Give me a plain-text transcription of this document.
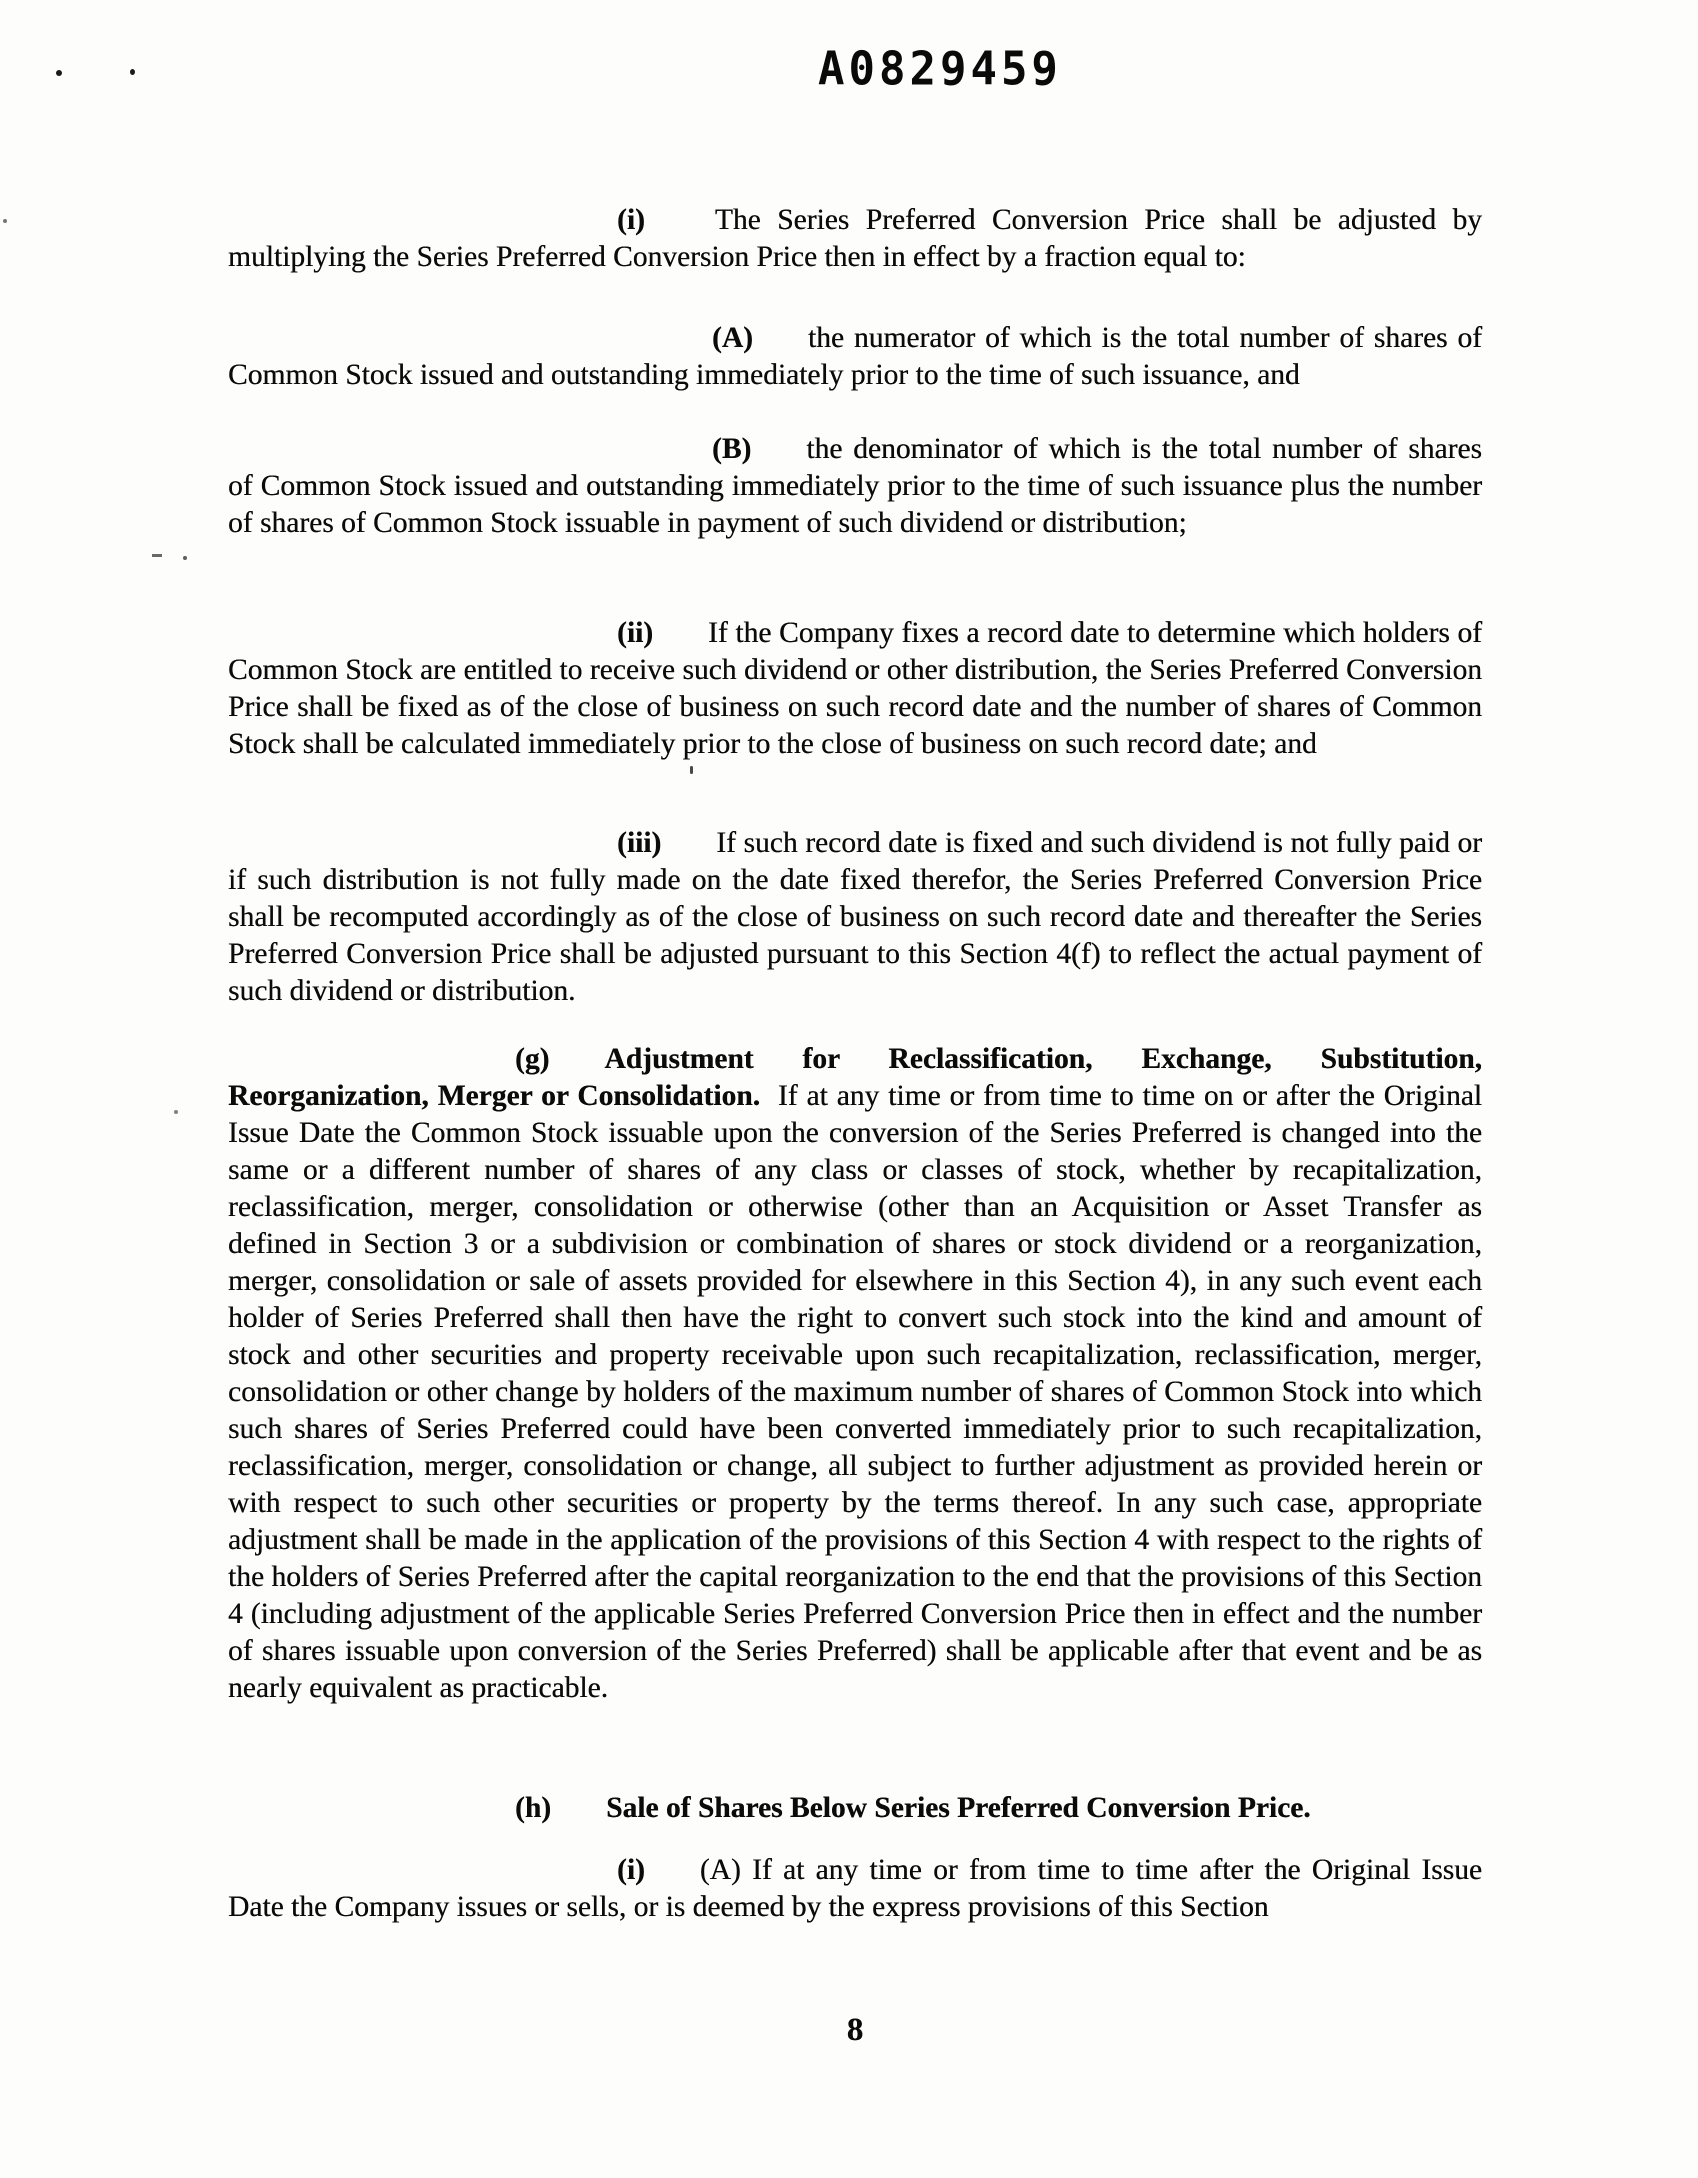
A0829459

(i) The Series Preferred Conversion Price shall be adjusted by multiplying the Series Preferred Conversion Price then in effect by a fraction equal to:

(A) the numerator of which is the total number of shares of Common Stock issued and outstanding immediately prior to the time of such issuance, and

(B) the denominator of which is the total number of shares of Common Stock issued and outstanding immediately prior to the time of such issuance plus the number of shares of Common Stock issuable in payment of such dividend or distribution;

(ii) If the Company fixes a record date to determine which holders of Common Stock are entitled to receive such dividend or other distribution, the Series Preferred Conversion Price shall be fixed as of the close of business on such record date and the number of shares of Common Stock shall be calculated immediately prior to the close of business on such record date; and

(iii) If such record date is fixed and such dividend is not fully paid or if such distribution is not fully made on the date fixed therefor, the Series Preferred Conversion Price shall be recomputed accordingly as of the close of business on such record date and thereafter the Series Preferred Conversion Price shall be adjusted pursuant to this Section 4(f) to reflect the actual payment of such dividend or distribution.

(g) Adjustment for Reclassification, Exchange, Substitution, Reorganization, Merger or Consolidation. If at any time or from time to time on or after the Original Issue Date the Common Stock issuable upon the conversion of the Series Preferred is changed into the same or a different number of shares of any class or classes of stock, whether by recapitalization, reclassification, merger, consolidation or otherwise (other than an Acquisition or Asset Transfer as defined in Section 3 or a subdivision or combination of shares or stock dividend or a reorganization, merger, consolidation or sale of assets provided for elsewhere in this Section 4), in any such event each holder of Series Preferred shall then have the right to convert such stock into the kind and amount of stock and other securities and property receivable upon such recapitalization, reclassification, merger, consolidation or other change by holders of the maximum number of shares of Common Stock into which such shares of Series Preferred could have been converted immediately prior to such recapitalization, reclassification, merger, consolidation or change, all subject to further adjustment as provided herein or with respect to such other securities or property by the terms thereof. In any such case, appropriate adjustment shall be made in the application of the provisions of this Section 4 with respect to the rights of the holders of Series Preferred after the capital reorganization to the end that the provisions of this Section 4 (including adjustment of the applicable Series Preferred Conversion Price then in effect and the number of shares issuable upon conversion of the Series Preferred) shall be applicable after that event and be as nearly equivalent as practicable.

(h) Sale of Shares Below Series Preferred Conversion Price.

(i) (A) If at any time or from time to time after the Original Issue Date the Company issues or sells, or is deemed by the express provisions of this Section

8
